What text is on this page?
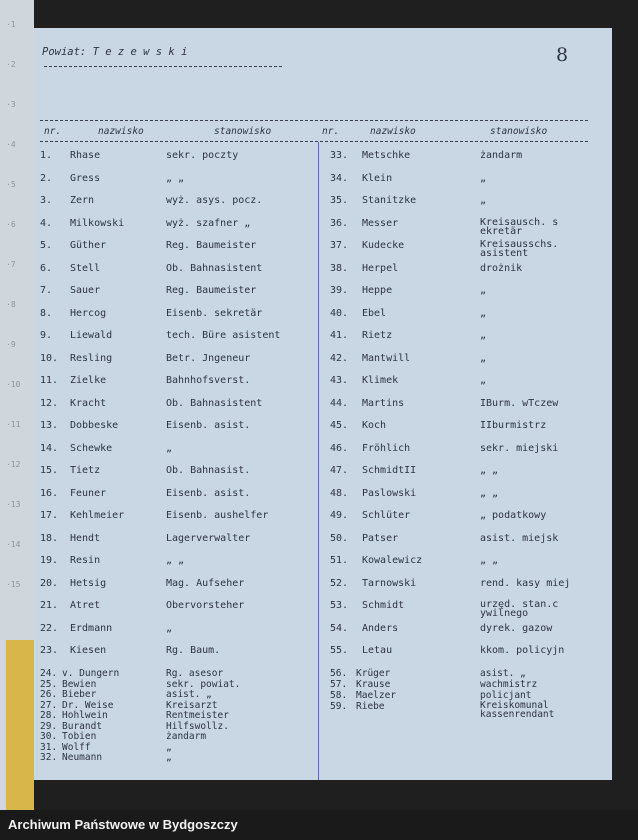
·1
·2
·3
·4
·5
·6
·7
·8
·9
·10
·11
·12
·13
·14
·15
Powiat: T e z e w s k i	8
nr.	nazwisko	stanowisko	nr.	nazwisko	stanowisko
1. Rhase	sekr. poczty
2. Gress	„ „
3. Zern	wyż. asys. pocz.
4. Milkowski	wyż. szafner „
5. Güther	Reg. Baumeister
6. Stell	Ob. Bahnasistent
7. Sauer	Reg. Baumeister
8. Hercog	Eisenb. sekretär
9. Liewald	tech. Büre asistent
10. Resling	Betr. Jngeneur
11. Zielke	Bahnhofsverst.
12. Kracht	Ob. Bahnasistent
13. Dobbeske	Eisenb. asist.
14. Schewke	„
15. Tietz	Ob. Bahnasist.
16. Feuner	Eisenb. asist.
17. Kehlmeier	Eisenb. aushelfer
18. Hendt	Lagerverwalter
19. Resin	„ „
20. Hetsig	Mag. Aufseher
21. Atret	Obervorsteher
22. Erdmann	„
23. Kiesen	Rg. Baum.
24. v. Dungern	Rg. asesor
25. Bewien	sekr. powiat.
26. Bieber	asist. „
27. Dr. Weise	Kreisarzt
28. Hohlwein	Rentmeister
29. Burandt	Hilfswollz.
30. Tobien	żandarm
31. Wolff	„
32. Neumann	„
33. Metschke	żandarm
34. Klein	„
35. Stanitzke	„
36. Messer	Kreisausch. s
ekretär
37. Kudecke	Kreisausschs.
asistent
38. Herpel	drożnik
39. Heppe	„
40. Ebel	„
41. Rietz	„
42. Mantwill	„
43. Klimek	„
44. Martins	IBurm. wTczew
45. Koch	IIburmistrz
46. Fröhlich	sekr. miejski
47. SchmidtII	„ „
48. Paslowski	„ „
49. Schlüter	„ podatkowy
50. Patser	asist. miejsk
51. Kowalewicz	„ „
52. Tarnowski	rend. kasy miej
53. Schmidt	urzęd. stan.c
ywilnego
54. Anders	dyrek. gazow
55. Letau	kkom. policyjn
56. Krüger	asist. „
57. Krause	wachmistrz
58. Maelzer	policjant
59. Riebe	Kreiskomunal
kassenrendant
Archiwum Państwowe w Bydgoszczy
